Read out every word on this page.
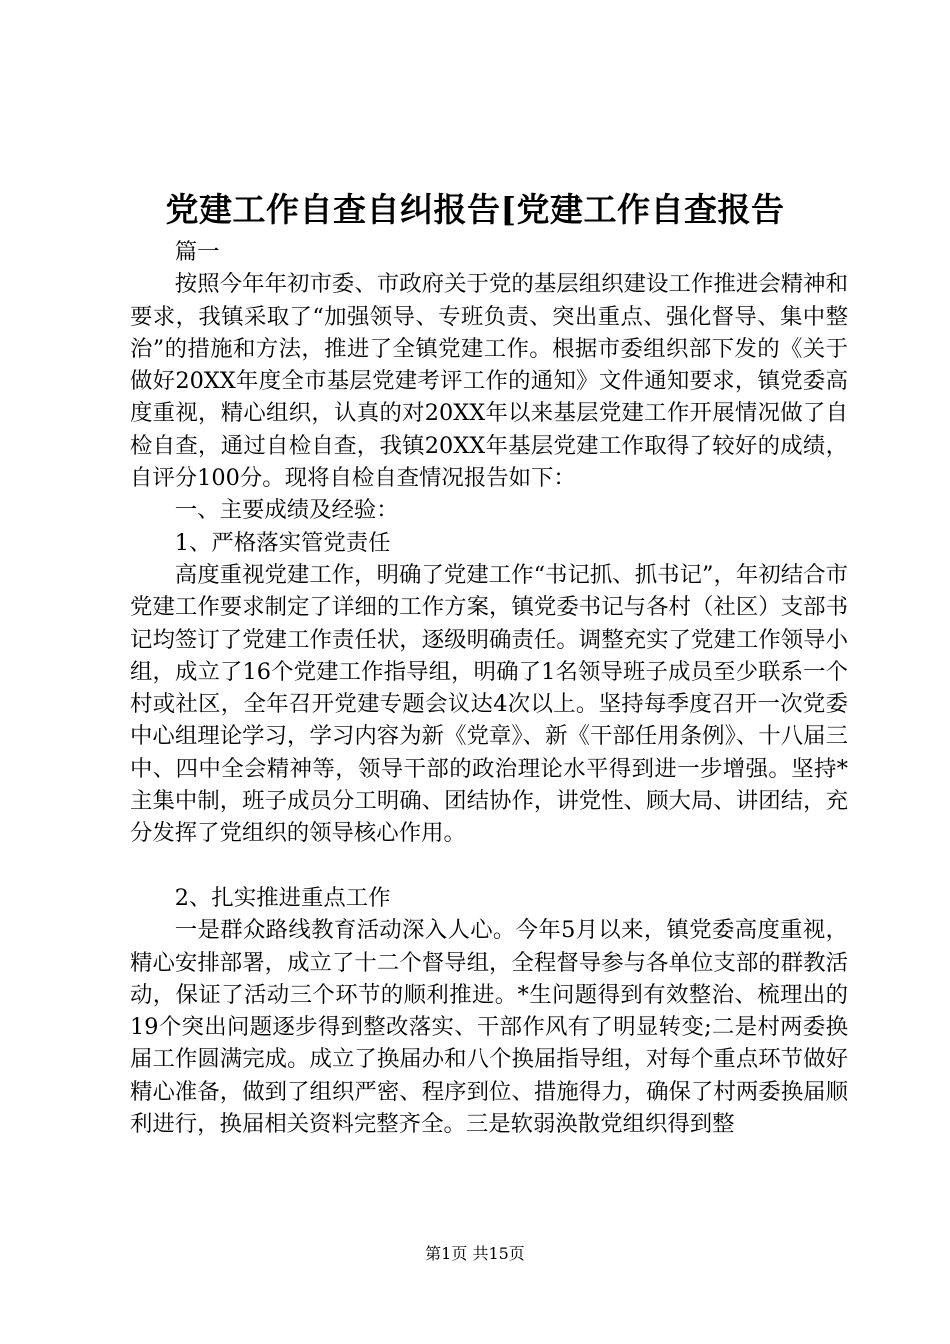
党建工作自查自纠报告[党建工作自查报告

篇一

按照今年年初市委、市政府关于党的基层组织建设工作推进会精神和要求，我镇采取了“加强领导、专班负责、突出重点、强化督导、集中整治”的措施和方法，推进了全镇党建工作。根据市委组织部下发的《关于做好20XX年度全市基层党建考评工作的通知》文件通知要求，镇党委高度重视，精心组织，认真的对20XX年以来基层党建工作开展情况做了自检自查，通过自检自查，我镇20XX年基层党建工作取得了较好的成绩，自评分100分。现将自检自查情况报告如下：

一、主要成绩及经验：

1、严格落实管党责任

高度重视党建工作，明确了党建工作“书记抓、抓书记”，年初结合市党建工作要求制定了详细的工作方案，镇党委书记与各村（社区）支部书记均签订了党建工作责任状，逐级明确责任。调整充实了党建工作领导小组，成立了16个党建工作指导组，明确了1名领导班子成员至少联系一个村或社区，全年召开党建专题会议达4次以上。坚持每季度召开一次党委中心组理论学习，学习内容为新《党章》、新《干部任用条例》、十八届三中、四中全会精神等，领导干部的政治理论水平得到进一步增强。坚持*主集中制，班子成员分工明确、团结协作，讲党性、顾大局、讲团结，充分发挥了党组织的领导核心作用。

2、扎实推进重点工作

一是群众路线教育活动深入人心。今年5月以来，镇党委高度重视，精心安排部署，成立了十二个督导组，全程督导参与各单位支部的群教活动，保证了活动三个环节的顺利推进。*生问题得到有效整治、梳理出的19个突出问题逐步得到整改落实、干部作风有了明显转变;二是村两委换届工作圆满完成。成立了换届办和八个换届指导组，对每个重点环节做好精心准备，做到了组织严密、程序到位、措施得力，确保了村两委换届顺利进行，换届相关资料完整齐全。三是软弱涣散党组织得到整

第1页 共15页
